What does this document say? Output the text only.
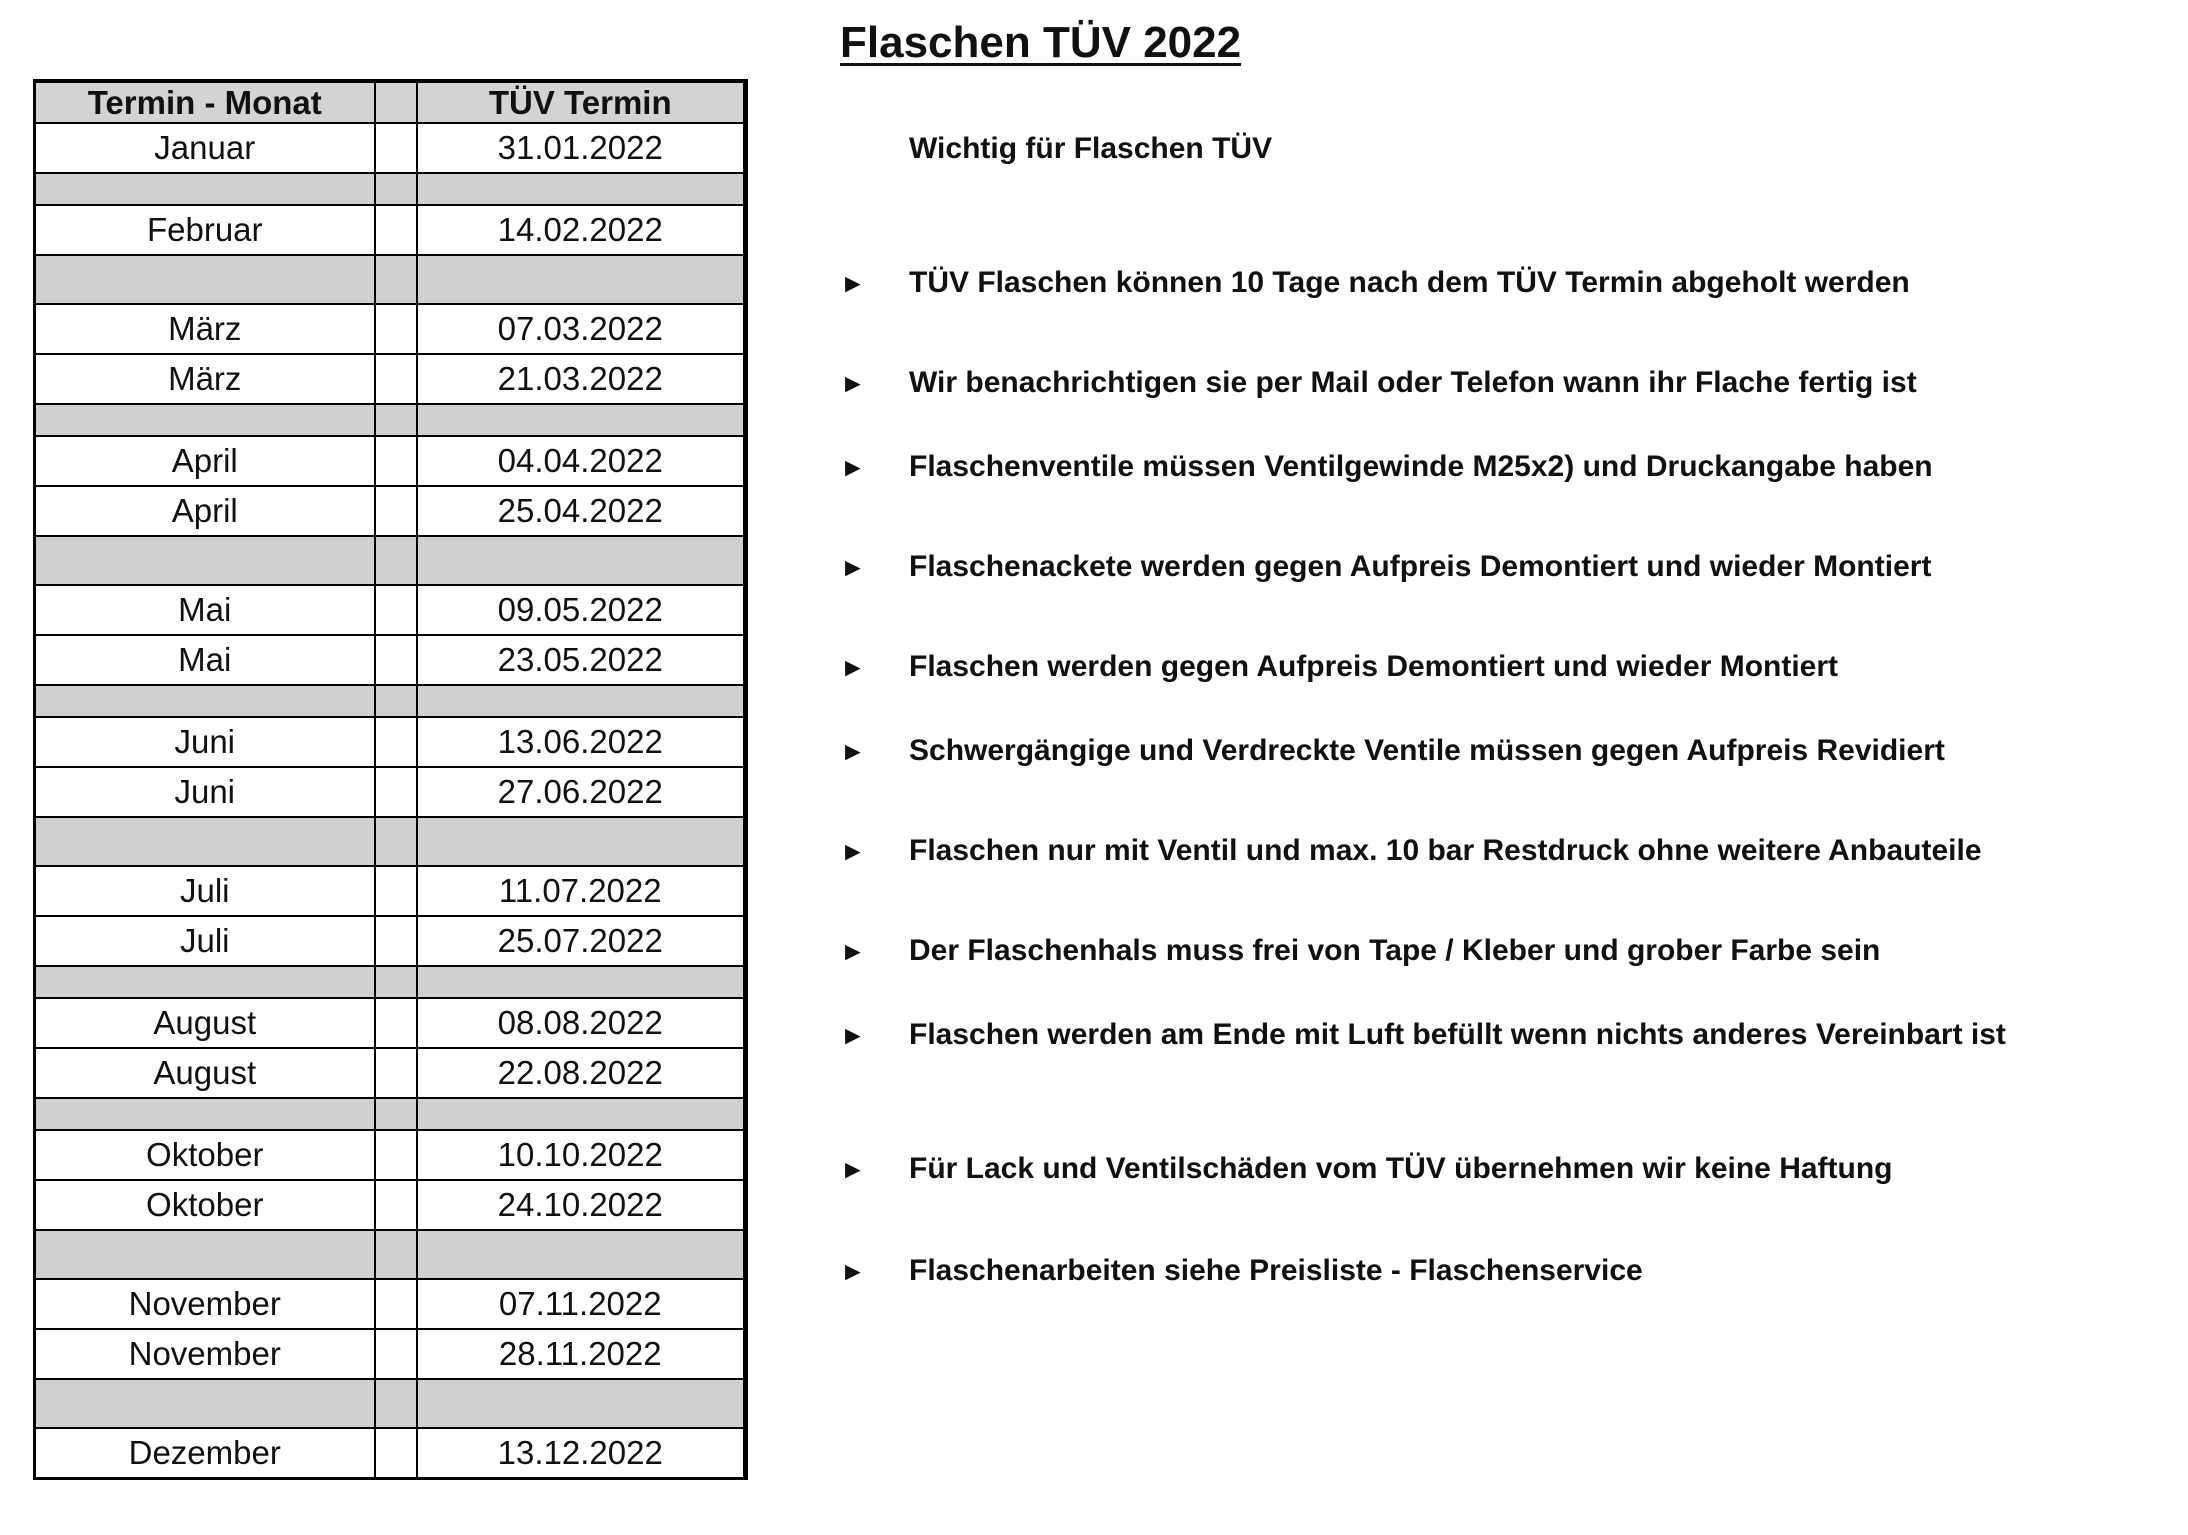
Flaschen TÜV 2022
Termin - Monat		TÜV Termin
Januar		31.01.2022

Februar		14.02.2022

März		07.03.2022
März		21.03.2022

April		04.04.2022
April		25.04.2022

Mai		09.05.2022
Mai		23.05.2022

Juni		13.06.2022
Juni		27.06.2022

Juli		11.07.2022
Juli		25.07.2022

August		08.08.2022
August		22.08.2022

Oktober		10.10.2022
Oktober		24.10.2022

November		07.11.2022
November		28.11.2022

Dezember		13.12.2022
Wichtig für Flaschen TÜV
► TÜV Flaschen können 10 Tage nach dem TÜV Termin abgeholt werden
► Wir benachrichtigen sie per Mail oder Telefon wann ihr Flache fertig ist
► Flaschenventile müssen Ventilgewinde M25x2) und Druckangabe haben
► Flaschenackete werden gegen Aufpreis Demontiert und wieder Montiert
► Flaschen werden gegen Aufpreis Demontiert und wieder Montiert
► Schwergängige und Verdreckte Ventile müssen gegen Aufpreis Revidiert
► Flaschen nur mit Ventil und max. 10 bar Restdruck ohne weitere Anbauteile
► Der Flaschenhals muss frei von Tape / Kleber und grober Farbe sein
► Flaschen werden am Ende mit Luft befüllt wenn nichts anderes Vereinbart ist
► Für Lack und Ventilschäden vom TÜV übernehmen wir keine Haftung
► Flaschenarbeiten siehe Preisliste - Flaschenservice
